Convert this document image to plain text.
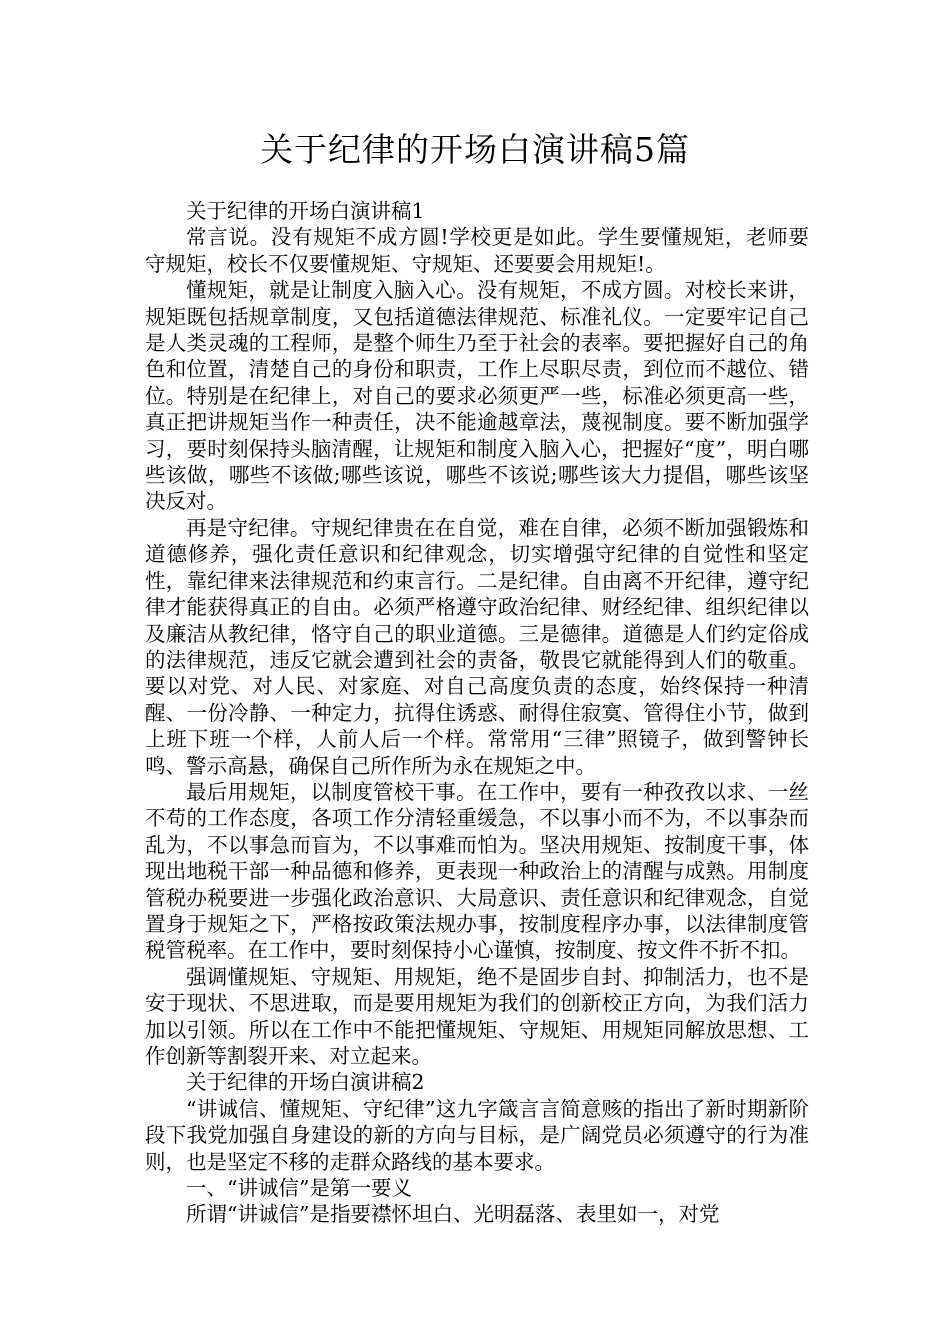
关于纪律的开场白演讲稿5篇

关于纪律的开场白演讲稿1

常言说。没有规矩不成方圆!学校更是如此。学生要懂规矩，老师要守规矩，校长不仅要懂规矩、守规矩、还要要会用规矩!。

懂规矩，就是让制度入脑入心。没有规矩，不成方圆。对校长来讲，规矩既包括规章制度，又包括道德法律规范、标准礼仪。一定要牢记自己是人类灵魂的工程师，是整个师生乃至于社会的表率。要把握好自己的角色和位置，清楚自己的身份和职责，工作上尽职尽责，到位而不越位、错位。特别是在纪律上，对自己的要求必须更严一些，标准必须更高一些，真正把讲规矩当作一种责任，决不能逾越章法，蔑视制度。要不断加强学习，要时刻保持头脑清醒，让规矩和制度入脑入心，把握好“度”，明白哪些该做，哪些不该做;哪些该说，哪些不该说;哪些该大力提倡，哪些该坚决反对。

再是守纪律。守规纪律贵在在自觉，难在自律，必须不断加强锻炼和道德修养，强化责任意识和纪律观念，切实增强守纪律的自觉性和坚定性，靠纪律来法律规范和约束言行。二是纪律。自由离不开纪律，遵守纪律才能获得真正的自由。必须严格遵守政治纪律、财经纪律、组织纪律以及廉洁从教纪律，恪守自己的职业道德。三是德律。道德是人们约定俗成的法律规范，违反它就会遭到社会的责备，敬畏它就能得到人们的敬重。要以对党、对人民、对家庭、对自己高度负责的态度，始终保持一种清醒、一份冷静、一种定力，抗得住诱惑、耐得住寂寞、管得住小节，做到上班下班一个样，人前人后一个样。常常用“三律”照镜子，做到警钟长鸣、警示高悬，确保自己所作所为永在规矩之中。

最后用规矩，以制度管校干事。在工作中，要有一种孜孜以求、一丝不苟的工作态度，各项工作分清轻重缓急，不以事小而不为，不以事杂而乱为，不以事急而盲为，不以事难而怕为。坚决用规矩、按制度干事，体现出地税干部一种品德和修养，更表现一种政治上的清醒与成熟。用制度管税办税要进一步强化政治意识、大局意识、责任意识和纪律观念，自觉置身于规矩之下，严格按政策法规办事，按制度程序办事，以法律制度管税管税率。在工作中，要时刻保持小心谨慎，按制度、按文件不折不扣。

强调懂规矩、守规矩、用规矩，绝不是固步自封、抑制活力，也不是安于现状、不思进取，而是要用规矩为我们的创新校正方向，为我们活力加以引领。所以在工作中不能把懂规矩、守规矩、用规矩同解放思想、工作创新等割裂开来、对立起来。

关于纪律的开场白演讲稿2

“讲诚信、懂规矩、守纪律”这九字箴言言简意赅的指出了新时期新阶段下我党加强自身建设的新的方向与目标，是广阔党员必须遵守的行为准则，也是坚定不移的走群众路线的基本要求。

一、“讲诚信”是第一要义

所谓“讲诚信”是指要襟怀坦白、光明磊落、表里如一，对党
